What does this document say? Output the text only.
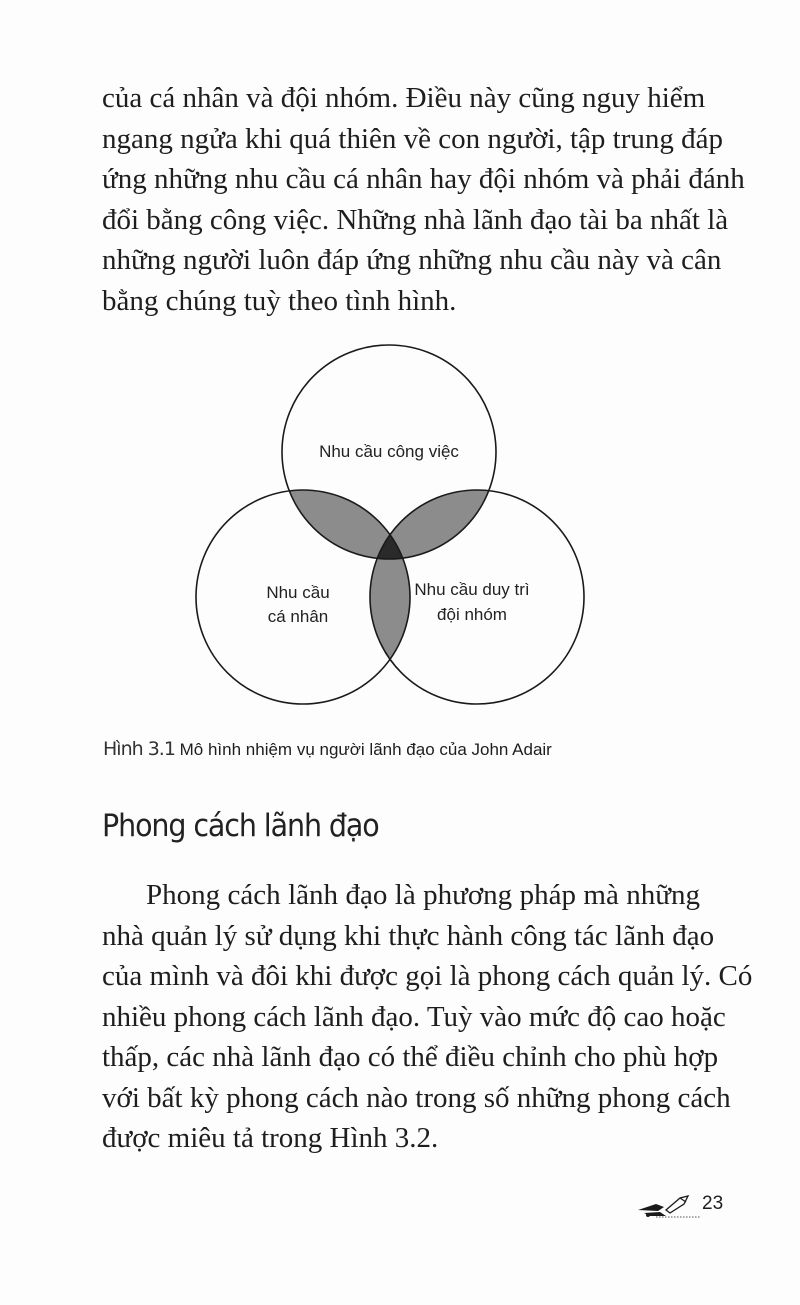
của cá nhân và đội nhóm. Điều này cũng nguy hiểm
ngang ngửa khi quá thiên về con người, tập trung đáp
ứng những nhu cầu cá nhân hay đội nhóm và phải đánh
đổi bằng công việc. Những nhà lãnh đạo tài ba nhất là
những người luôn đáp ứng những nhu cầu này và cân
bằng chúng tuỳ theo tình hình.
Nhu cầu công việc
Nhu cầu
cá nhân
Nhu cầu duy trì
đội nhóm
Hình 3.1 Mô hình nhiệm vụ người lãnh đạo của John Adair
Phong cách lãnh đạo
Phong cách lãnh đạo là phương pháp mà những
nhà quản lý sử dụng khi thực hành công tác lãnh đạo
của mình và đôi khi được gọi là phong cách quản lý. Có
nhiều phong cách lãnh đạo. Tuỳ vào mức độ cao hoặc
thấp, các nhà lãnh đạo có thể điều chỉnh cho phù hợp
với bất kỳ phong cách nào trong số những phong cách
được miêu tả trong Hình 3.2.
23
